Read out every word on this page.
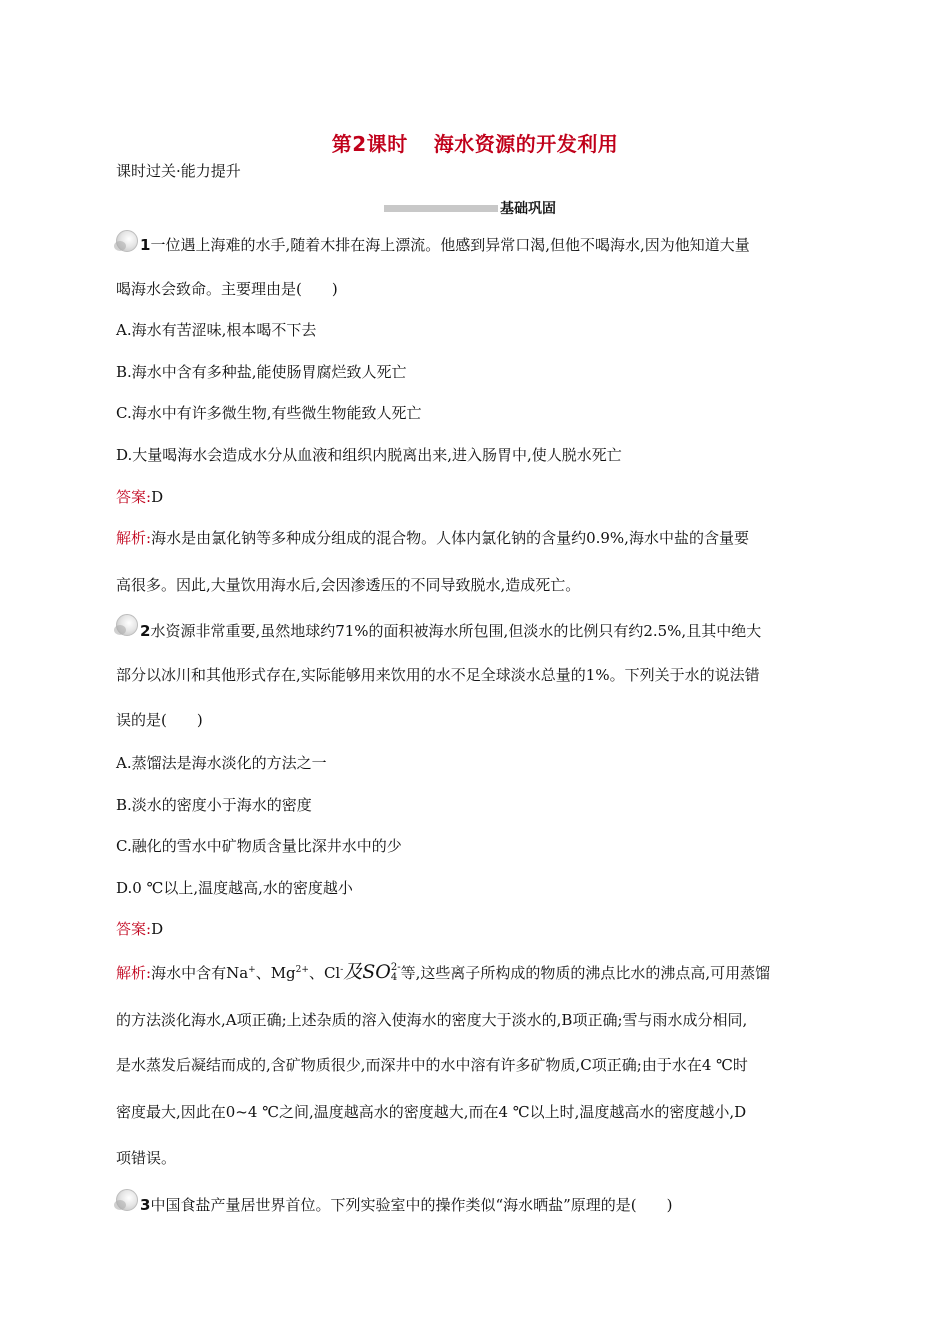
第2课时 海水资源的开发利用
课时过关·能力提升
基础巩固
1一位遇上海难的水手,随着木排在海上漂流。他感到异常口渴,但他不喝海水,因为他知道大量
喝海水会致命。主要理由是(　　)
A.海水有苦涩味,根本喝不下去
B.海水中含有多种盐,能使肠胃腐烂致人死亡
C.海水中有许多微生物,有些微生物能致人死亡
D.大量喝海水会造成水分从血液和组织内脱离出来,进入肠胃中,使人脱水死亡
答案:D
解析:海水是由氯化钠等多种成分组成的混合物。人体内氯化钠的含量约0.9%,海水中盐的含量要
高很多。因此,大量饮用海水后,会因渗透压的不同导致脱水,造成死亡。
2水资源非常重要,虽然地球约71%的面积被海水所包围,但淡水的比例只有约2.5%,且其中绝大
部分以冰川和其他形式存在,实际能够用来饮用的水不足全球淡水总量的1%。下列关于水的说法错
误的是(　　)
A.蒸馏法是海水淡化的方法之一
B.淡水的密度小于海水的密度
C.融化的雪水中矿物质含量比深井水中的少
D.0 ℃以上,温度越高,水的密度越小
答案:D
解析:海水中含有Na+、$Mg^{2+}$、Cl-及SO2-
4 等,这些离子所构成的物质的沸点比水的沸点高,可用蒸馏
的方法淡化海水,A项正确;上述杂质的溶入使海水的密度大于淡水的,B项正确;雪与雨水成分相同,
是水蒸发后凝结而成的,含矿物质很少,而深井中的水中溶有许多矿物质,C项正确;由于水在4 ℃时
密度最大,因此在0~4 ℃之间,温度越高水的密度越大,而在4 ℃以上时,温度越高水的密度越小,D
项错误。
3中国食盐产量居世界首位。下列实验室中的操作类似“海水晒盐”原理的是(　　)
